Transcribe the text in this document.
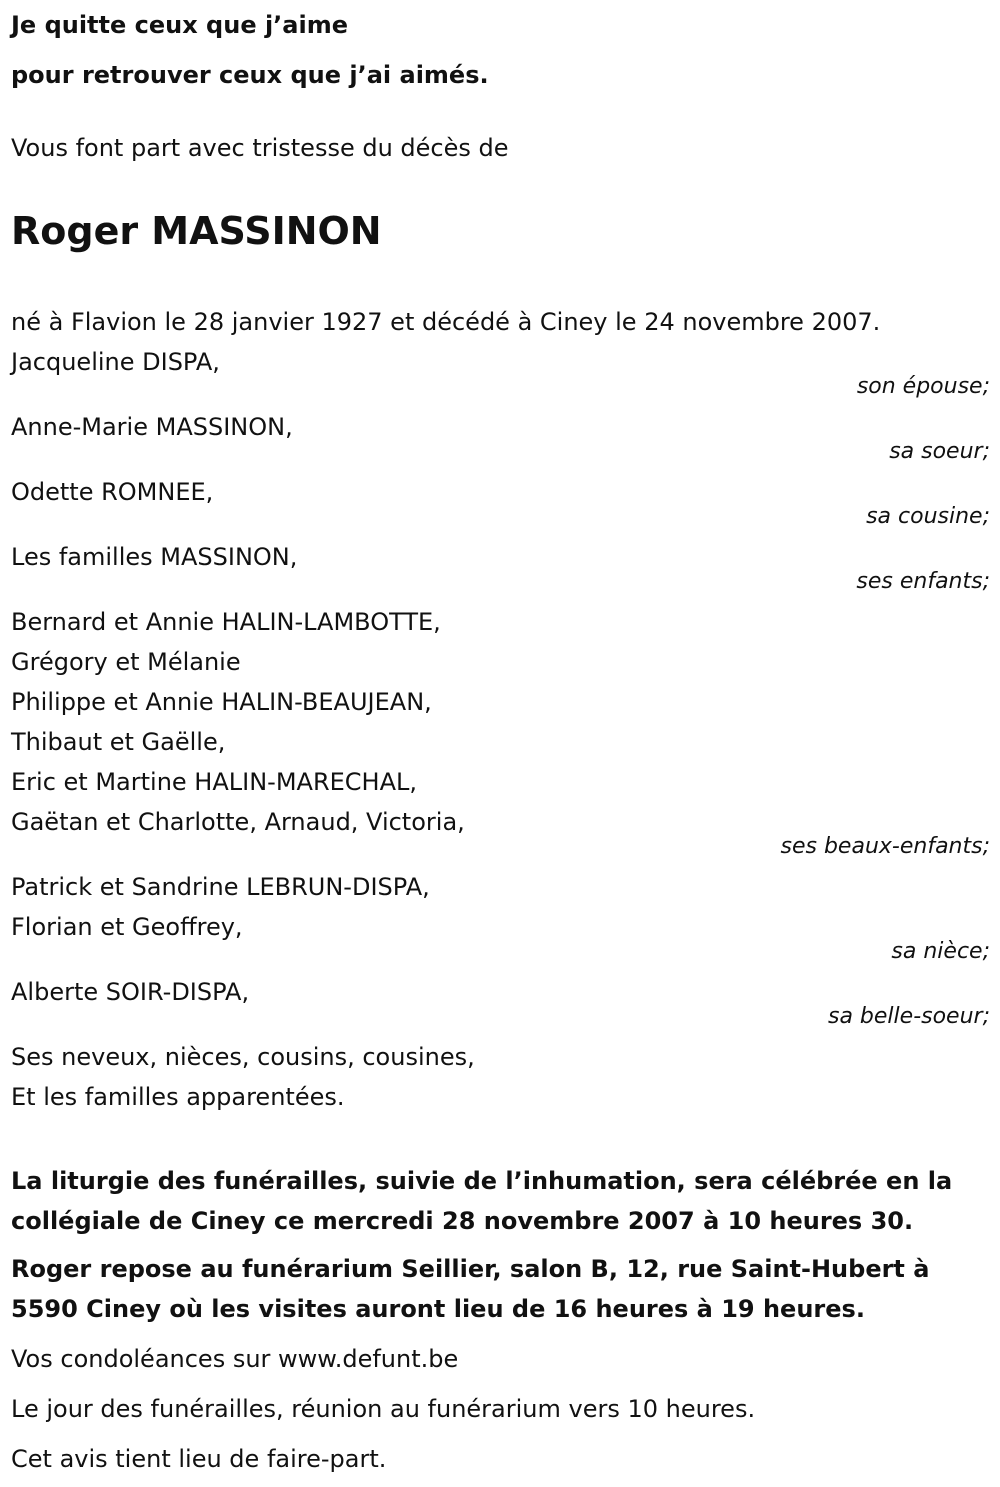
Je quitte ceux que j’aime
pour retrouver ceux que j’ai aimés.
Vous font part avec tristesse du décès de
Roger MASSINON
né à Flavion le 28 janvier 1927 et décédé à Ciney le 24 novembre 2007.
Jacqueline DISPA,
son épouse;
Anne-Marie MASSINON,
sa soeur;
Odette ROMNEE,
sa cousine;
Les familles MASSINON,
ses enfants;
Bernard et Annie HALIN-LAMBOTTE,
Grégory et Mélanie
Philippe et Annie HALIN-BEAUJEAN,
Thibaut et Gaëlle,
Eric et Martine HALIN-MARECHAL,
Gaëtan et Charlotte, Arnaud, Victoria,
ses beaux-enfants;
Patrick et Sandrine LEBRUN-DISPA,
Florian et Geoffrey,
sa nièce;
Alberte SOIR-DISPA,
sa belle-soeur;
Ses neveux, nièces, cousins, cousines,
Et les familles apparentées.
La liturgie des funérailles, suivie de l’inhumation, sera célébrée en la collégiale de Ciney ce mercredi 28 novembre 2007 à 10 heures 30.
Roger repose au funérarium Seillier, salon B, 12, rue Saint-Hubert à 5590 Ciney où les visites auront lieu de 16 heures à 19 heures.
Vos condoléances sur www.defunt.be
Le jour des funérailles, réunion au funérarium vers 10 heures.
Cet avis tient lieu de faire-part.
